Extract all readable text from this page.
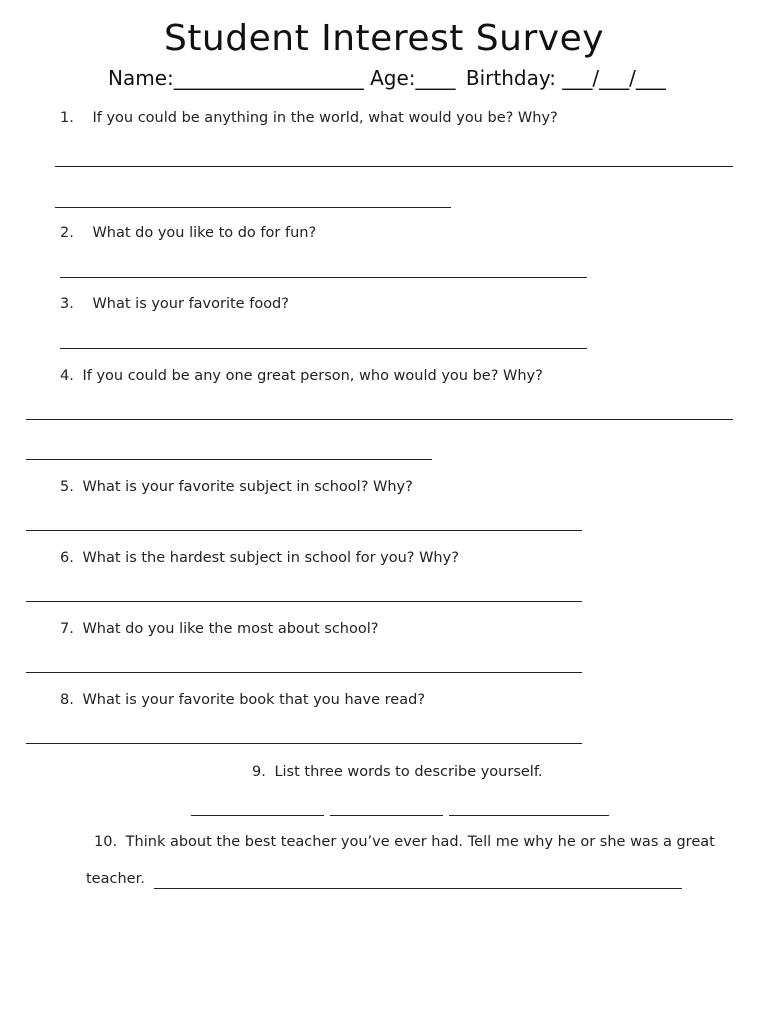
Student Interest Survey
Name:___________________ Age:____ Birthday: ___/___/___
1. If you could be anything in the world, what would you be? Why?
2. What do you like to do for fun?
3. What is your favorite food?
4. If you could be any one great person, who would you be? Why?
5. What is your favorite subject in school? Why?
6. What is the hardest subject in school for you? Why?
7. What do you like the most about school?
8. What is your favorite book that you have read?
9. List three words to describe yourself.
10. Think about the best teacher you’ve ever had. Tell me why he or she was a great
teacher.
